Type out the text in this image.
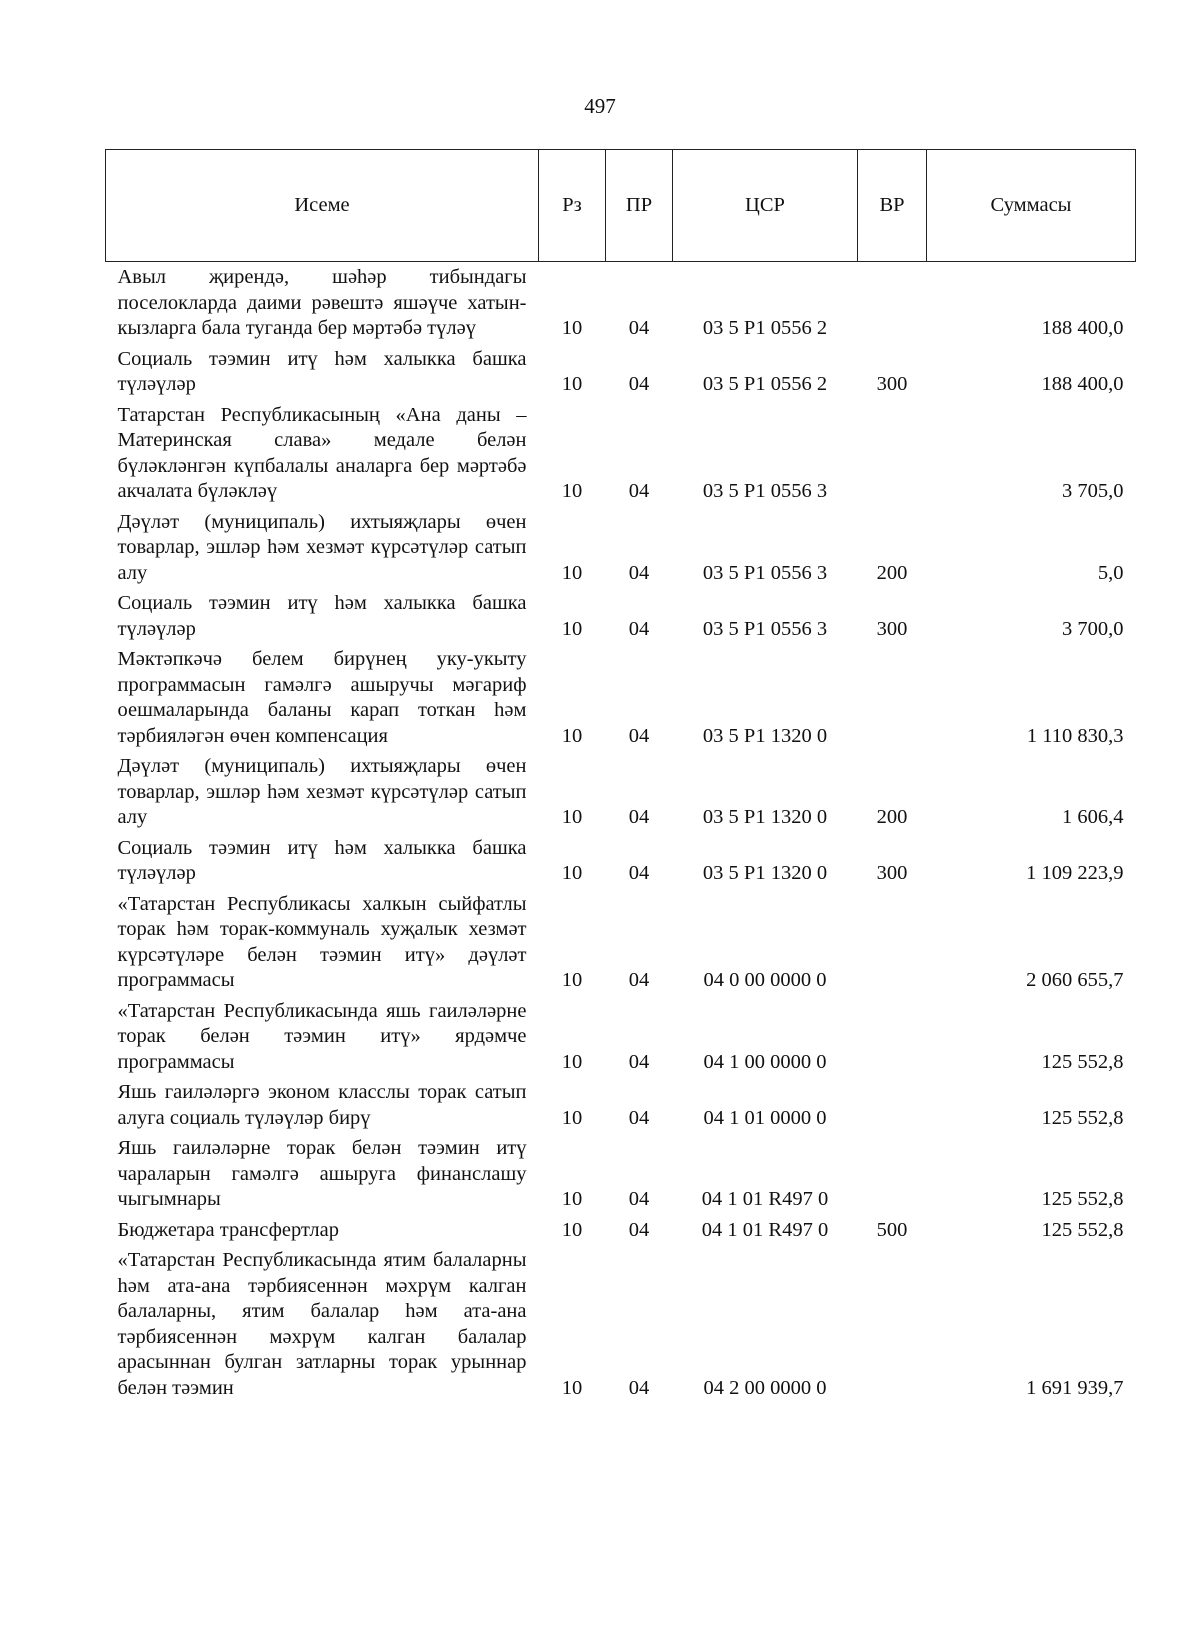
497
Исеме	Рз	ПР	ЦСР	ВР	Суммасы
Авыл җирендә, шәһәр тибындагы поселокларда даими рәвештә яшәүче хатын-кызларга бала туганда бер мәртәбә түләү	10	04	03 5 P1 0556 2		188 400,0
Социаль тәэмин итү һәм халыкка башка түләүләр	10	04	03 5 P1 0556 2	300	188 400,0
Татарстан Республикасының «Ана даны – Материнская слава» медале белән бүләкләнгән күпбалалы аналарга бер мәртәбә акчалата бүләкләү	10	04	03 5 P1 0556 3		3 705,0
Дәүләт (муниципаль) ихтыяҗлары өчен товарлар, эшләр һәм хезмәт күрсәтүләр сатып алу	10	04	03 5 P1 0556 3	200	5,0
Социаль тәэмин итү һәм халыкка башка түләүләр	10	04	03 5 P1 0556 3	300	3 700,0
Мәктәпкәчә белем бирүнең уку-укыту программасын гамәлгә ашыручы мәгариф оешмаларында баланы карап тоткан һәм тәрбияләгән өчен компенсация	10	04	03 5 P1 1320 0		1 110 830,3
Дәүләт (муниципаль) ихтыяҗлары өчен товарлар, эшләр һәм хезмәт күрсәтүләр сатып алу	10	04	03 5 P1 1320 0	200	1 606,4
Социаль тәэмин итү һәм халыкка башка түләүләр	10	04	03 5 P1 1320 0	300	1 109 223,9
«Татарстан Республикасы халкын сыйфатлы торак һәм торак-коммуналь хуҗалык хезмәт күрсәтүләре белән тәэмин итү» дәүләт программасы	10	04	04 0 00 0000 0		2 060 655,7
«Татарстан Республикасында яшь гаиләләрне торак белән тәэмин итү» ярдәмче программасы	10	04	04 1 00 0000 0		125 552,8
Яшь гаиләләргә эконом класслы торак сатып алуга социаль түләүләр бирү	10	04	04 1 01 0000 0		125 552,8
Яшь гаиләләрне торак белән тәэмин итү чараларын гамәлгә ашыруга финанслашу чыгымнары	10	04	04 1 01 R497 0		125 552,8
Бюджетара трансфертлар	10	04	04 1 01 R497 0	500	125 552,8
«Татарстан Республикасында ятим балаларны һәм ата-ана тәрбиясеннән мәхрүм калган балаларны, ятим балалар һәм ата-ана тәрбиясеннән мәхрүм калган балалар арасыннан булган затларны торак урыннар белән тәэмин	10	04	04 2 00 0000 0		1 691 939,7
